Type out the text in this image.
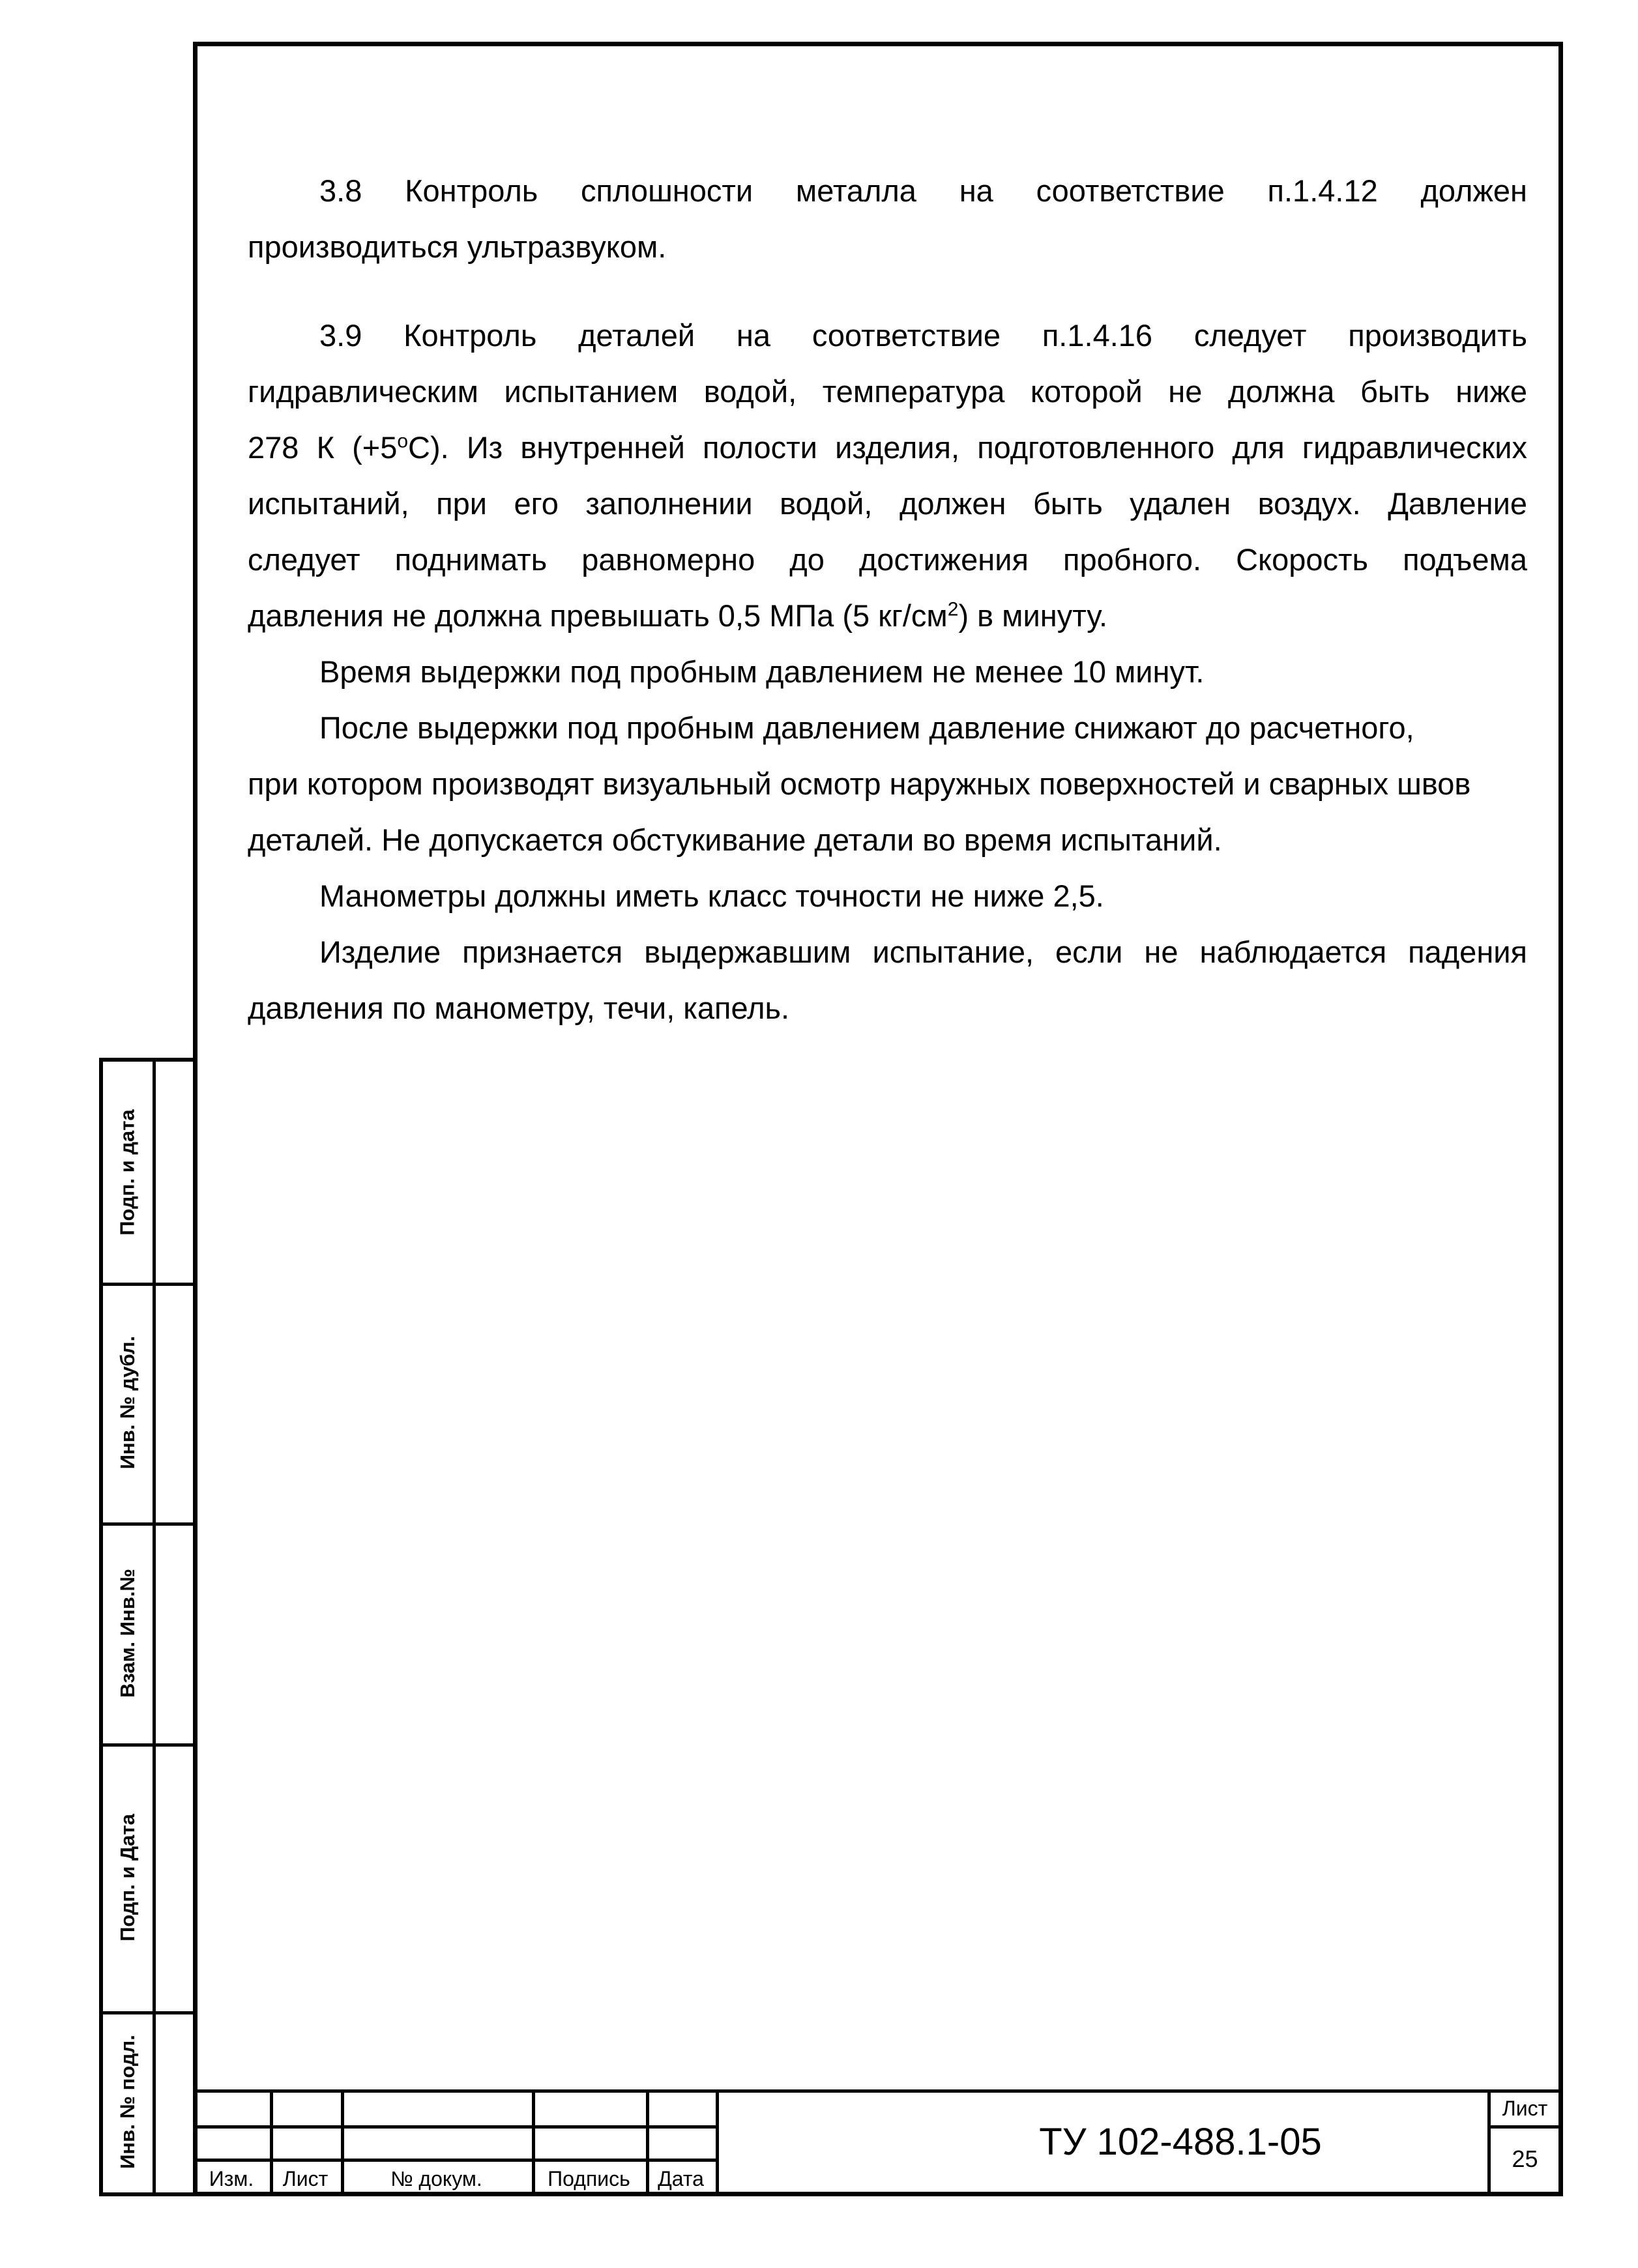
3.8 Контроль сплошности металла на соответствие п.1.4.12 должен

производиться ультразвуком.

3.9 Контроль деталей на соответствие п.1.4.16 следует производить

гидравлическим испытанием водой, температура которой не должна быть ниже

278 К $(+5^оС)$. Из внутренней полости изделия, подготовленного для гидравлических

испытаний, при его заполнении водой, должен быть удален воздух. Давление

следует поднимать равномерно до достижения пробного. Скорость подъема

давления не должна превышать 0,5 МПа (5 $кг/см^2$) в минуту.

Время выдержки под пробным давлением не менее 10 минут.

После выдержки под пробным давлением давление снижают до расчетного,

при котором производят визуальный осмотр наружных поверхностей и сварных швов

деталей. Не допускается обстукивание детали во время испытаний.

Манометры должны иметь класс точности не ниже 2,5.

Изделие признается выдержавшим испытание, если не наблюдается падения

давления по манометру, течи, капель.

Подп. и дата
Инв. № дубл.
Взам. Инв.№
Подп. и Дата
Инв. № подл.
Изм.	Лист	№ докум.	Подпись	Дата
ТУ 102-488.1-05
Лист
25
